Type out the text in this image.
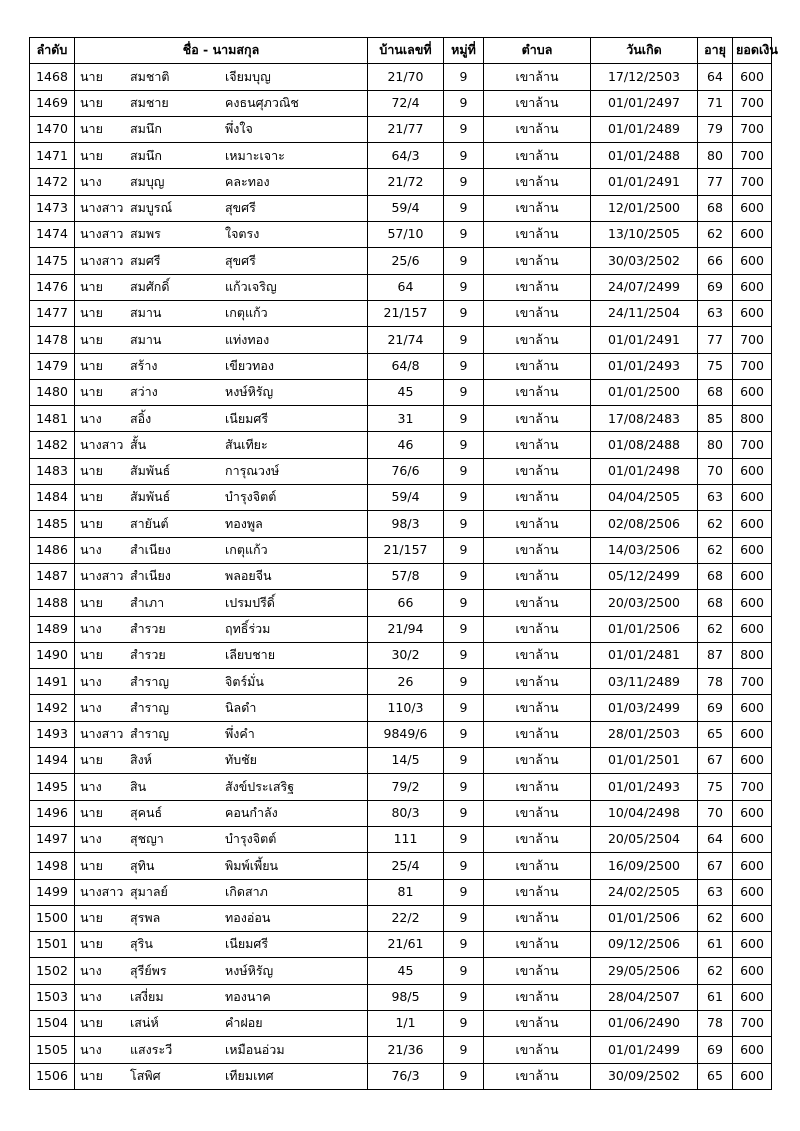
ลำดับ	ชื่อ - นามสกุล	บ้านเลขที่	หมู่ที่	ตำบล	วันเกิด	อายุ	ยอดเงิน
1468	นาย สมชาติ เจียมบุญ	21/70	9	เขาล้าน	17/12/2503	64	600
1469	นาย สมชาย คงธนศุภวณิช	72/4	9	เขาล้าน	01/01/2497	71	700
1470	นาย สมนึก พึ่งใจ	21/77	9	เขาล้าน	01/01/2489	79	700
1471	นาย สมนึก เหมาะเจาะ	64/3	9	เขาล้าน	01/01/2488	80	700
1472	นาง สมบุญ คละทอง	21/72	9	เขาล้าน	01/01/2491	77	700
1473	นางสาว สมบูรณ์ สุขศรี	59/4	9	เขาล้าน	12/01/2500	68	600
1474	นางสาว สมพร ใจตรง	57/10	9	เขาล้าน	13/10/2505	62	600
1475	นางสาว สมศรี สุขศรี	25/6	9	เขาล้าน	30/03/2502	66	600
1476	นาย สมศักดิ์ แก้วเจริญ	64	9	เขาล้าน	24/07/2499	69	600
1477	นาย สมาน เกตุแก้ว	21/157	9	เขาล้าน	24/11/2504	63	600
1478	นาย สมาน แท่งทอง	21/74	9	เขาล้าน	01/01/2491	77	700
1479	นาย สร้าง เขียวทอง	64/8	9	เขาล้าน	01/01/2493	75	700
1480	นาย สว่าง หงษ์หิรัญ	45	9	เขาล้าน	01/01/2500	68	600
1481	นาง สอิ้ง เนียมศรี	31	9	เขาล้าน	17/08/2483	85	800
1482	นางสาว สั้น สันเทียะ	46	9	เขาล้าน	01/08/2488	80	700
1483	นาย สัมพันธ์ การุณวงษ์	76/6	9	เขาล้าน	01/01/2498	70	600
1484	นาย สัมพันธ์ บำรุงจิตต์	59/4	9	เขาล้าน	04/04/2505	63	600
1485	นาย สายันต์ ทองพูล	98/3	9	เขาล้าน	02/08/2506	62	600
1486	นาง สำเนียง เกตุแก้ว	21/157	9	เขาล้าน	14/03/2506	62	600
1487	นางสาว สำเนียง พลอยจีน	57/8	9	เขาล้าน	05/12/2499	68	600
1488	นาย สำเภา เปรมปรีดิ์	66	9	เขาล้าน	20/03/2500	68	600
1489	นาง สำรวย ฤทธิ์ร่วม	21/94	9	เขาล้าน	01/01/2506	62	600
1490	นาย สำรวย เลียบชาย	30/2	9	เขาล้าน	01/01/2481	87	800
1491	นาง สำราญ จิตร์มั่น	26	9	เขาล้าน	03/11/2489	78	700
1492	นาง สำราญ นิลดำ	110/3	9	เขาล้าน	01/03/2499	69	600
1493	นางสาว สำราญ พึ่งคำ	9849/6	9	เขาล้าน	28/01/2503	65	600
1494	นาย สิงห์ ทับชัย	14/5	9	เขาล้าน	01/01/2501	67	600
1495	นาง สิน สังข์ประเสริฐ	79/2	9	เขาล้าน	01/01/2493	75	700
1496	นาย สุคนธ์ คอนกำลัง	80/3	9	เขาล้าน	10/04/2498	70	600
1497	นาง สุชญา บำรุงจิตต์	111	9	เขาล้าน	20/05/2504	64	600
1498	นาย สุทิน พิมพ์เพี้ยน	25/4	9	เขาล้าน	16/09/2500	67	600
1499	นางสาว สุมาลย์ เกิดสาภ	81	9	เขาล้าน	24/02/2505	63	600
1500	นาย สุรพล ทองอ่อน	22/2	9	เขาล้าน	01/01/2506	62	600
1501	นาย สุริน เนียมศรี	21/61	9	เขาล้าน	09/12/2506	61	600
1502	นาง สุรีย์พร หงษ์หิรัญ	45	9	เขาล้าน	29/05/2506	62	600
1503	นาง เสงี่ยม ทองนาค	98/5	9	เขาล้าน	28/04/2507	61	600
1504	นาย เสน่ห์ คำฝอย	1/1	9	เขาล้าน	01/06/2490	78	700
1505	นาง แสงระวี เหมือนอ่วม	21/36	9	เขาล้าน	01/01/2499	69	600
1506	นาย โสพิศ เทียมเทศ	76/3	9	เขาล้าน	30/09/2502	65	600
